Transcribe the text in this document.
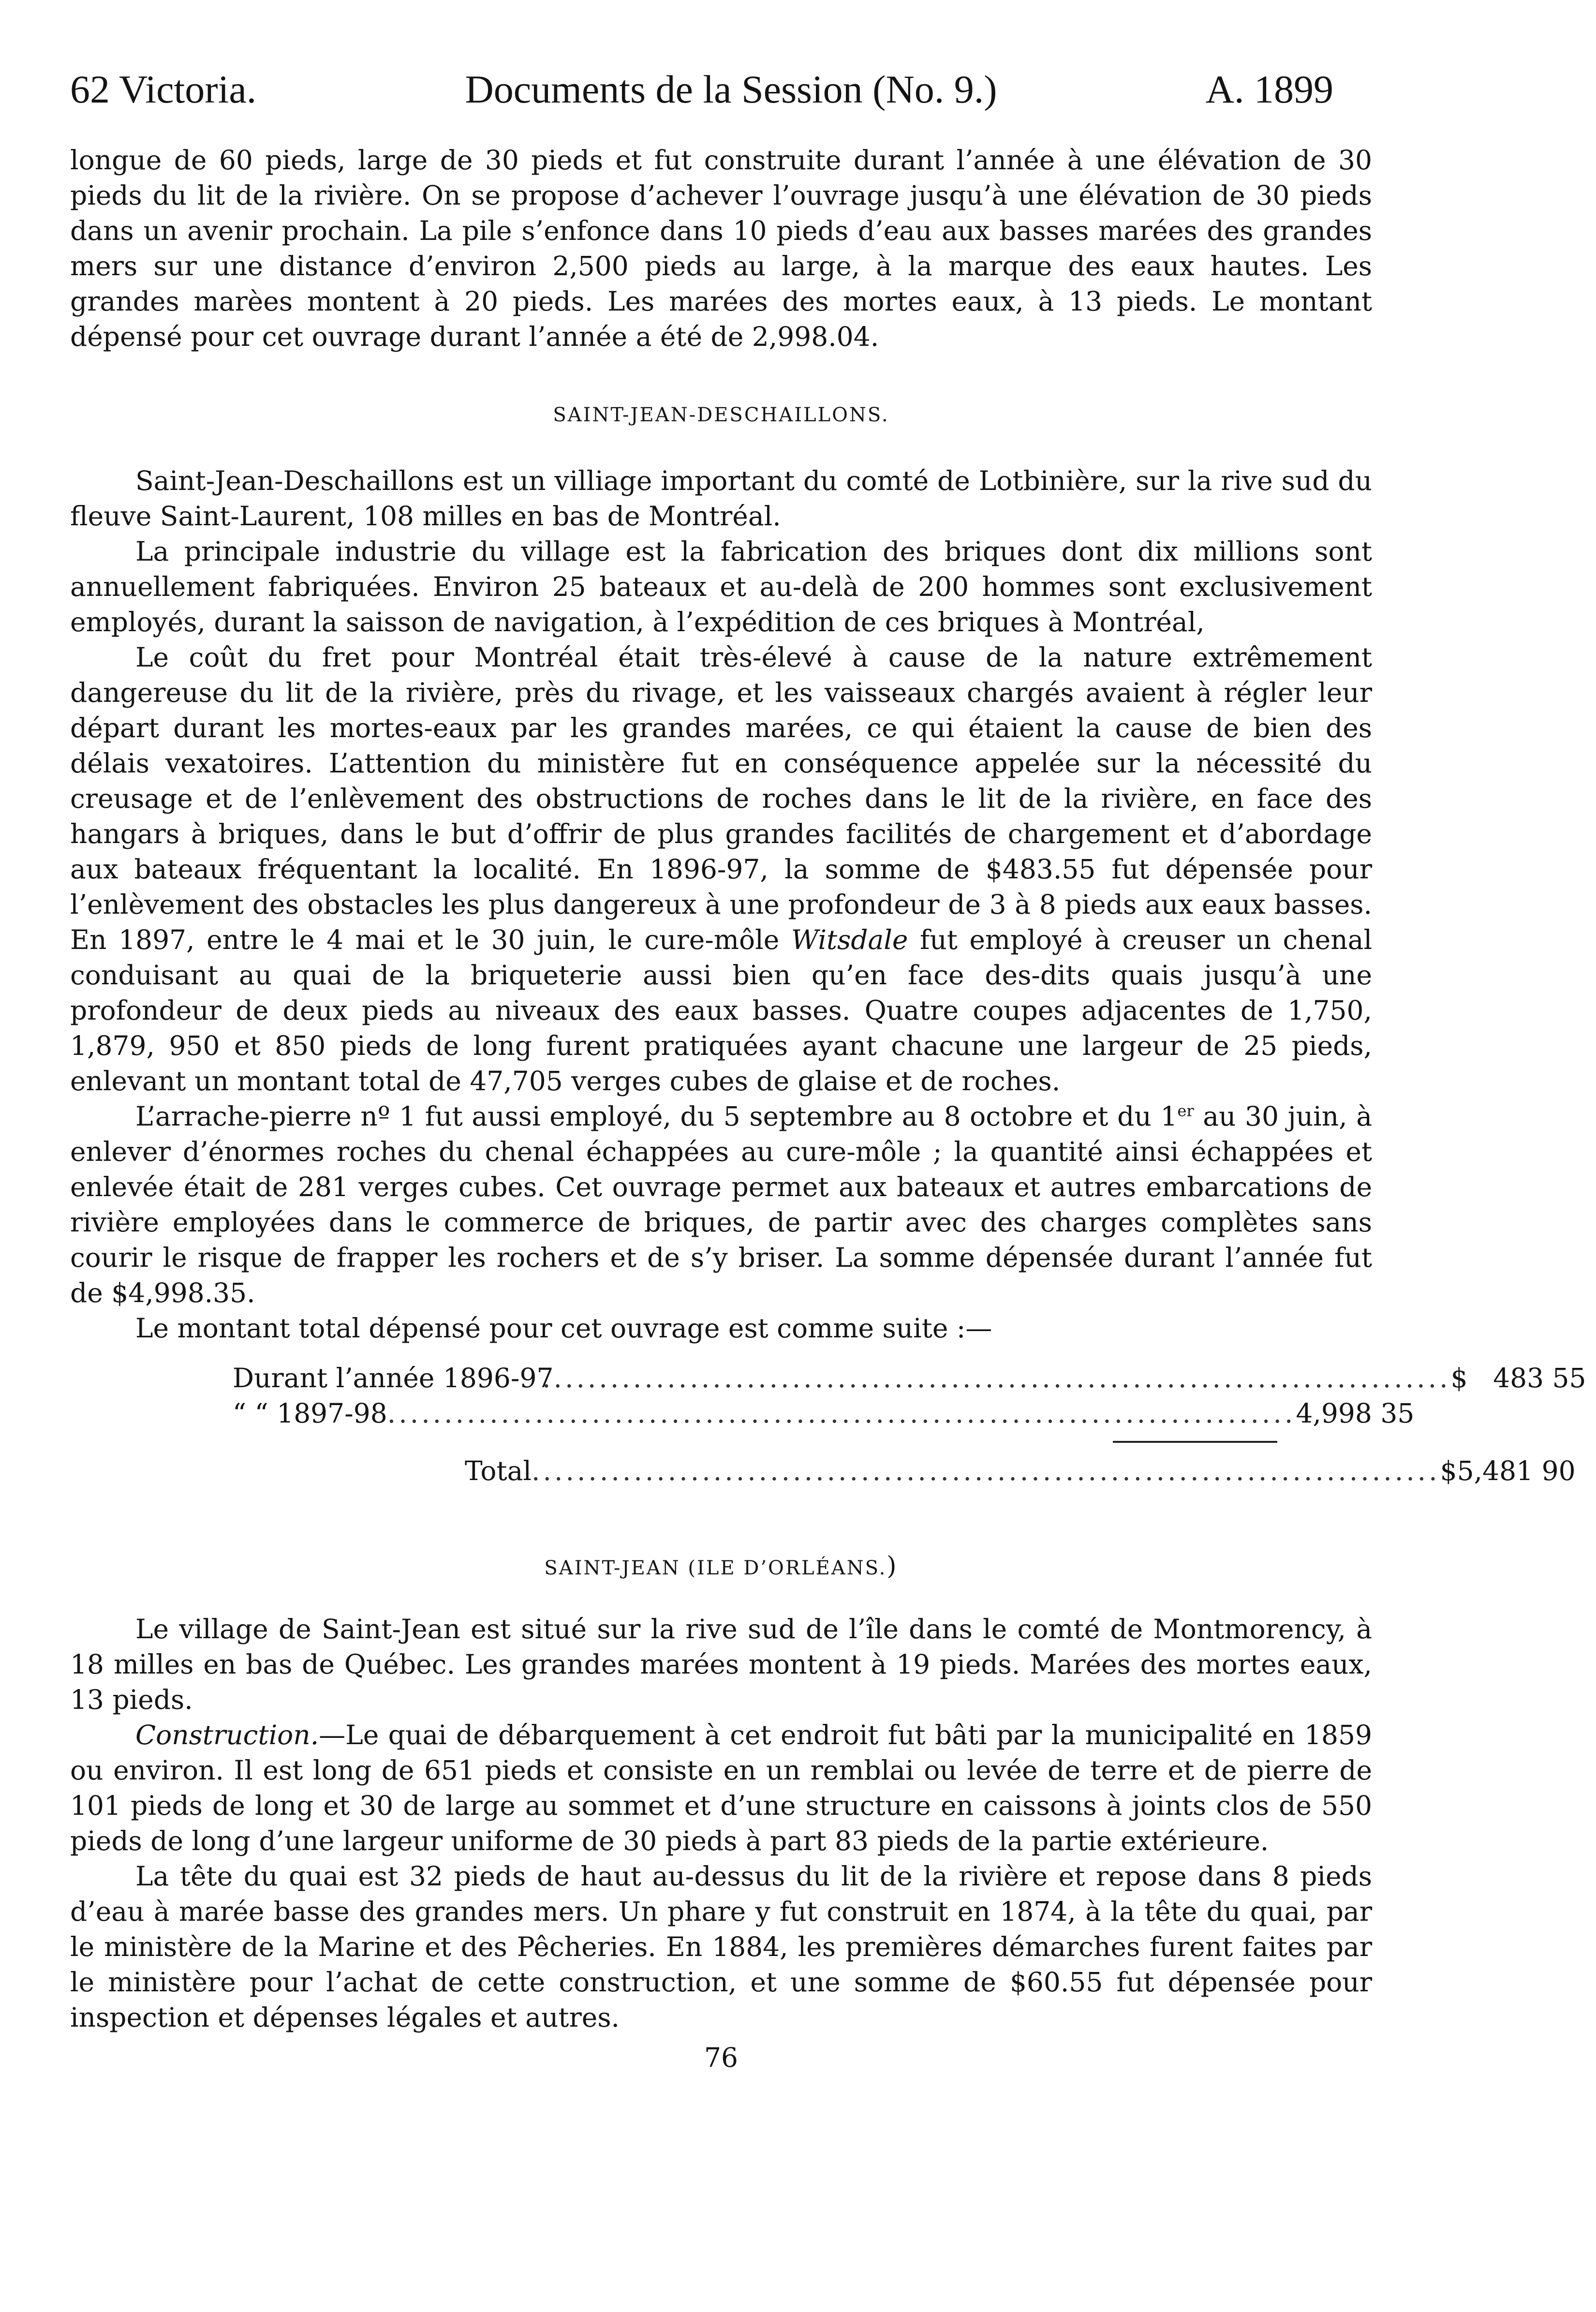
62 Victoria.	Documents de la Session (No. 9.)	A. 1899

longue de 60 pieds, large de 30 pieds et fut construite durant l’année à une élévation de 30 pieds du lit de la rivière. On se propose d’achever l’ouvrage jusqu’à une élévation de 30 pieds dans un avenir prochain. La pile s’enfonce dans 10 pieds d’eau aux basses marées des grandes mers sur une distance d’environ 2,500 pieds au large, à la marque des eaux hautes. Les grandes marèes montent à 20 pieds. Les marées des mortes eaux, à 13 pieds. Le montant dépensé pour cet ouvrage durant l’année a été de 2,998.04.

SAINT-JEAN-DESCHAILLONS.

Saint-Jean-Deschaillons est un villiage important du comté de Lotbinière, sur la rive sud du fleuve Saint-Laurent, 108 milles en bas de Montréal.

La principale industrie du village est la fabrication des briques dont dix millions sont annuellement fabriquées. Environ 25 bateaux et au-delà de 200 hommes sont exclusivement employés, durant la saisson de navigation, à l’expédition de ces briques à Montréal,

Le coût du fret pour Montréal était très-élevé à cause de la nature extrêmement dangereuse du lit de la rivière, près du rivage, et les vaisseaux chargés avaient à régler leur départ durant les mortes-eaux par les grandes marées, ce qui étaient la cause de bien des délais vexatoires. L’attention du ministère fut en conséquence appelée sur la nécessité du creusage et de l’enlèvement des obstructions de roches dans le lit de la rivière, en face des hangars à briques, dans le but d’offrir de plus grandes facilités de chargement et d’abordage aux bateaux fréquentant la localité. En 1896-97, la somme de $483.55 fut dépensée pour l’enlèvement des obstacles les plus dangereux à une profondeur de 3 à 8 pieds aux eaux basses. En 1897, entre le 4 mai et le 30 juin, le cure-môle Witsdale fut employé à creuser un chenal conduisant au quai de la briqueterie aussi bien qu’en face des-dits quais jusqu’à une profondeur de deux pieds au niveaux des eaux basses. Quatre coupes adjacentes de 1,750, 1,879, 950 et 850 pieds de long furent pratiquées ayant chacune une largeur de 25 pieds, enlevant un montant total de 47,705 verges cubes de glaise et de roches.

L’arrache-pierre nº 1 fut aussi employé, du 5 septembre au 8 octobre et du 1er au 30 juin, à enlever d’énormes roches du chenal échappées au cure-môle ; la quantité ainsi échappées et enlevée était de 281 verges cubes. Cet ouvrage permet aux bateaux et autres embarcations de rivière employées dans le commerce de briques, de partir avec des charges complètes sans courir le risque de frapper les rochers et de s’y briser. La somme dépensée durant l’année fut de $4,998.35.

Le montant total dépensé pour cet ouvrage est comme suite :—

Durant l’année 1896-97
................................................................................ $   483 55
“ “ 1897-98 ................................................................................ 4,998 35
Total ................................................................................ $5,481 90
SAINT-JEAN (ILE D’ORLÉANS.)

Le village de Saint-Jean est situé sur la rive sud de l’île dans le comté de Montmorency, à 18 milles en bas de Québec. Les grandes marées montent à 19 pieds. Marées des mortes eaux, 13 pieds.

Construction.—Le quai de débarquement à cet endroit fut bâti par la municipalité en 1859 ou environ. Il est long de 651 pieds et consiste en un remblai ou levée de terre et de pierre de 101 pieds de long et 30 de large au sommet et d’une structure en caissons à joints clos de 550 pieds de long d’une largeur uniforme de 30 pieds à part 83 pieds de la partie extérieure.

La tête du quai est 32 pieds de haut au-dessus du lit de la rivière et repose dans 8 pieds d’eau à marée basse des grandes mers. Un phare y fut construit en 1874, à la tête du quai, par le ministère de la Marine et des Pêcheries. En 1884, les premières démarches furent faites par le ministère pour l’achat de cette construction, et une somme de $60.55 fut dépensée pour inspection et dépenses légales et autres.

76
